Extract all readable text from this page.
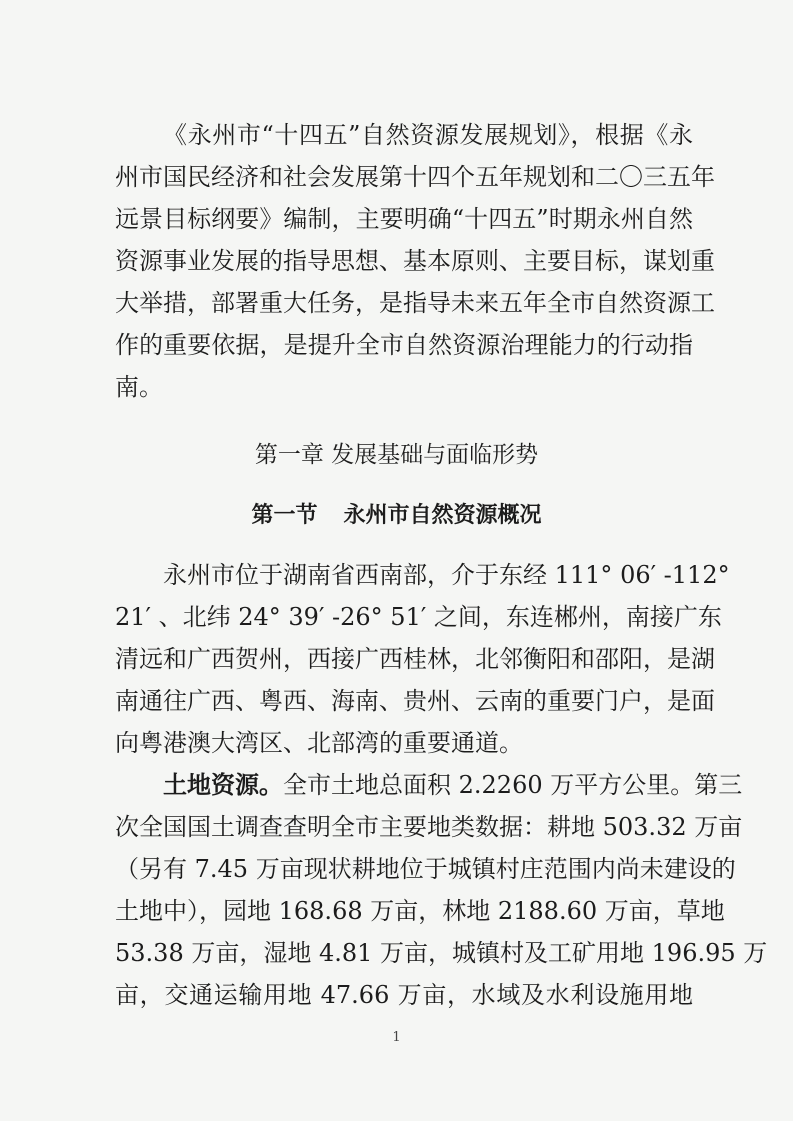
《永州市“十四五”自然资源发展规划》，根据《永
州市国民经济和社会发展第十四个五年规划和二〇三五年
远景目标纲要》编制，主要明确“十四五”时期永州自然
资源事业发展的指导思想、基本原则、主要目标，谋划重
大举措，部署重大任务，是指导未来五年全市自然资源工
作的重要依据，是提升全市自然资源治理能力的行动指
南。
第一章 发展基础与面临形势
第一节 永州市自然资源概况
永州市位于湖南省西南部，介于东经 111° 06′ -112°
21′ 、北纬 24° 39′ -26° 51′ 之间，东连郴州，南接广东
清远和广西贺州，西接广西桂林，北邻衡阳和邵阳，是湖
南通往广西、粤西、海南、贵州、云南的重要门户，是面
向粤港澳大湾区、北部湾的重要通道。
土地资源。全市土地总面积 2.2260 万平方公里。第三
次全国国土调查查明全市主要地类数据：耕地 503.32 万亩
（另有 7.45 万亩现状耕地位于城镇村庄范围内尚未建设的
土地中），园地 168.68 万亩，林地 2188.60 万亩，草地
53.38 万亩，湿地 4.81 万亩，城镇村及工矿用地 196.95 万
亩，交通运输用地 47.66 万亩，水域及水利设施用地
1
